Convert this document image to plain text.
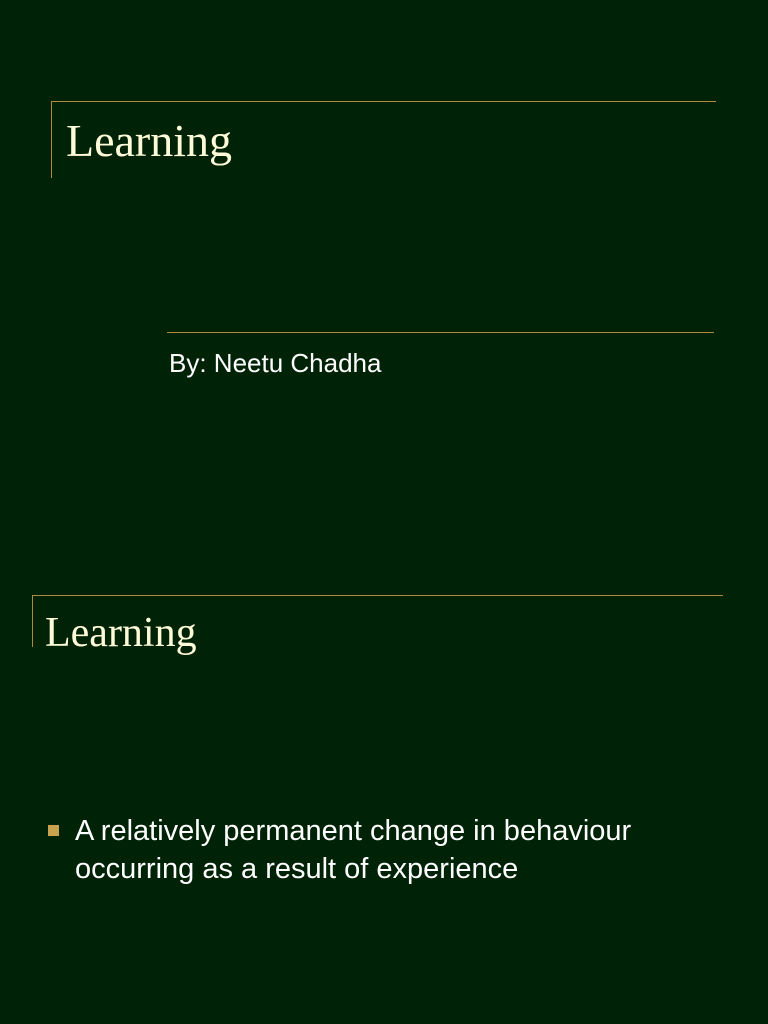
Learning
By: Neetu Chadha
Learning
A relatively permanent change in behaviour occurring as a result of experience
